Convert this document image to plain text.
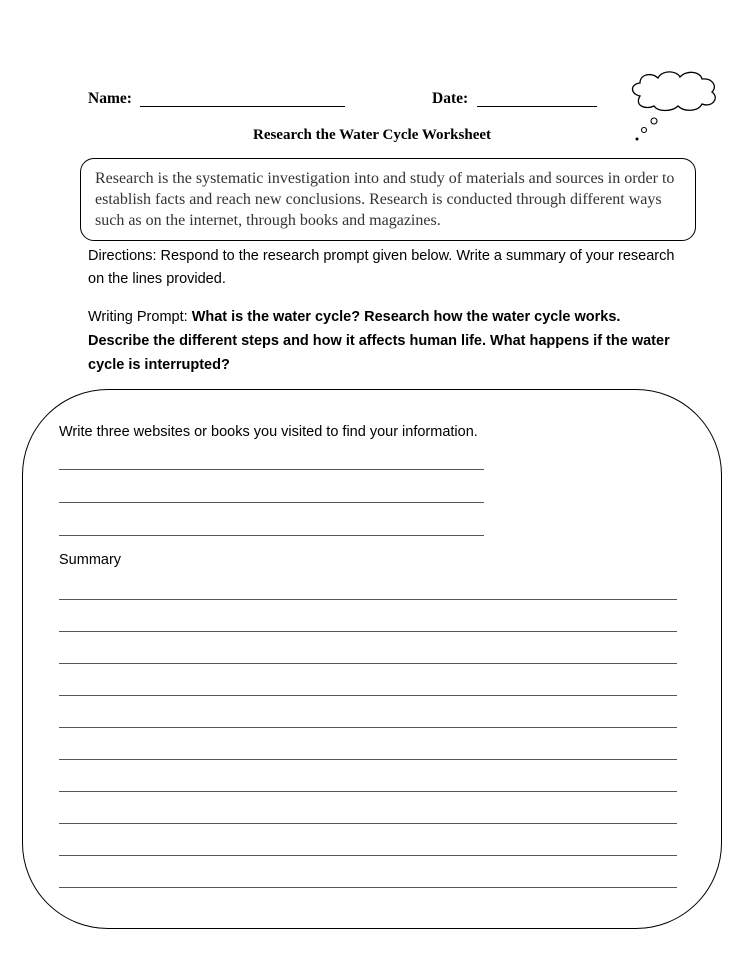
Name:	Date:
Research the Water Cycle Worksheet
Research is the systematic investigation into and study of materials and sources in order to establish facts and reach new conclusions. Research is conducted through different ways such as on the internet, through books and magazines.
Directions: Respond to the research prompt given below. Write a summary of your research on the lines provided.
Writing Prompt: What is the water cycle? Research how the water cycle works. Describe the different steps and how it affects human life. What happens if the water cycle is interrupted?
Write three websites or books you visited to find your information.
Summary
